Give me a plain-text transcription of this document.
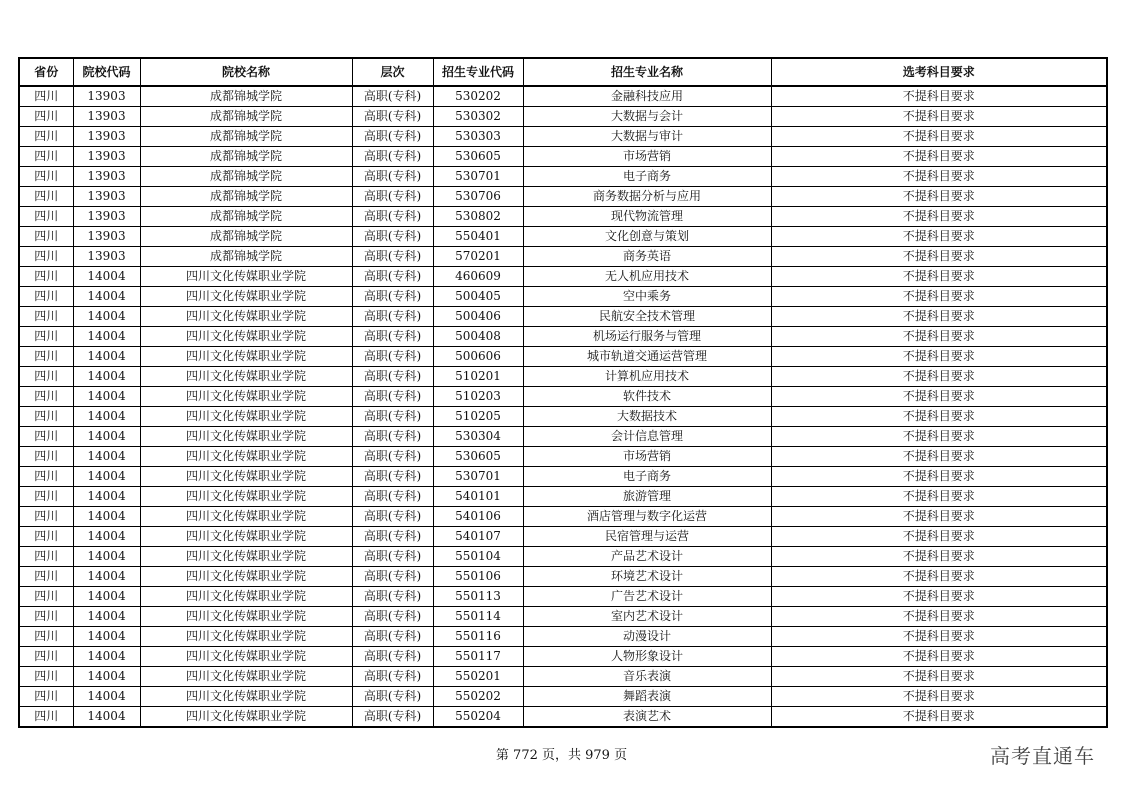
省份	院校代码	院校名称	层次	招生专业代码	招生专业名称	选考科目要求
四川	13903	成都锦城学院	高职(专科)	530202	金融科技应用	不提科目要求
四川	13903	成都锦城学院	高职(专科)	530302	大数据与会计	不提科目要求
四川	13903	成都锦城学院	高职(专科)	530303	大数据与审计	不提科目要求
四川	13903	成都锦城学院	高职(专科)	530605	市场营销	不提科目要求
四川	13903	成都锦城学院	高职(专科)	530701	电子商务	不提科目要求
四川	13903	成都锦城学院	高职(专科)	530706	商务数据分析与应用	不提科目要求
四川	13903	成都锦城学院	高职(专科)	530802	现代物流管理	不提科目要求
四川	13903	成都锦城学院	高职(专科)	550401	文化创意与策划	不提科目要求
四川	13903	成都锦城学院	高职(专科)	570201	商务英语	不提科目要求
四川	14004	四川文化传媒职业学院	高职(专科)	460609	无人机应用技术	不提科目要求
四川	14004	四川文化传媒职业学院	高职(专科)	500405	空中乘务	不提科目要求
四川	14004	四川文化传媒职业学院	高职(专科)	500406	民航安全技术管理	不提科目要求
四川	14004	四川文化传媒职业学院	高职(专科)	500408	机场运行服务与管理	不提科目要求
四川	14004	四川文化传媒职业学院	高职(专科)	500606	城市轨道交通运营管理	不提科目要求
四川	14004	四川文化传媒职业学院	高职(专科)	510201	计算机应用技术	不提科目要求
四川	14004	四川文化传媒职业学院	高职(专科)	510203	软件技术	不提科目要求
四川	14004	四川文化传媒职业学院	高职(专科)	510205	大数据技术	不提科目要求
四川	14004	四川文化传媒职业学院	高职(专科)	530304	会计信息管理	不提科目要求
四川	14004	四川文化传媒职业学院	高职(专科)	530605	市场营销	不提科目要求
四川	14004	四川文化传媒职业学院	高职(专科)	530701	电子商务	不提科目要求
四川	14004	四川文化传媒职业学院	高职(专科)	540101	旅游管理	不提科目要求
四川	14004	四川文化传媒职业学院	高职(专科)	540106	酒店管理与数字化运营	不提科目要求
四川	14004	四川文化传媒职业学院	高职(专科)	540107	民宿管理与运营	不提科目要求
四川	14004	四川文化传媒职业学院	高职(专科)	550104	产品艺术设计	不提科目要求
四川	14004	四川文化传媒职业学院	高职(专科)	550106	环境艺术设计	不提科目要求
四川	14004	四川文化传媒职业学院	高职(专科)	550113	广告艺术设计	不提科目要求
四川	14004	四川文化传媒职业学院	高职(专科)	550114	室内艺术设计	不提科目要求
四川	14004	四川文化传媒职业学院	高职(专科)	550116	动漫设计	不提科目要求
四川	14004	四川文化传媒职业学院	高职(专科)	550117	人物形象设计	不提科目要求
四川	14004	四川文化传媒职业学院	高职(专科)	550201	音乐表演	不提科目要求
四川	14004	四川文化传媒职业学院	高职(专科)	550202	舞蹈表演	不提科目要求
四川	14004	四川文化传媒职业学院	高职(专科)	550204	表演艺术	不提科目要求
第 772 页，共 979 页	高考直通车
